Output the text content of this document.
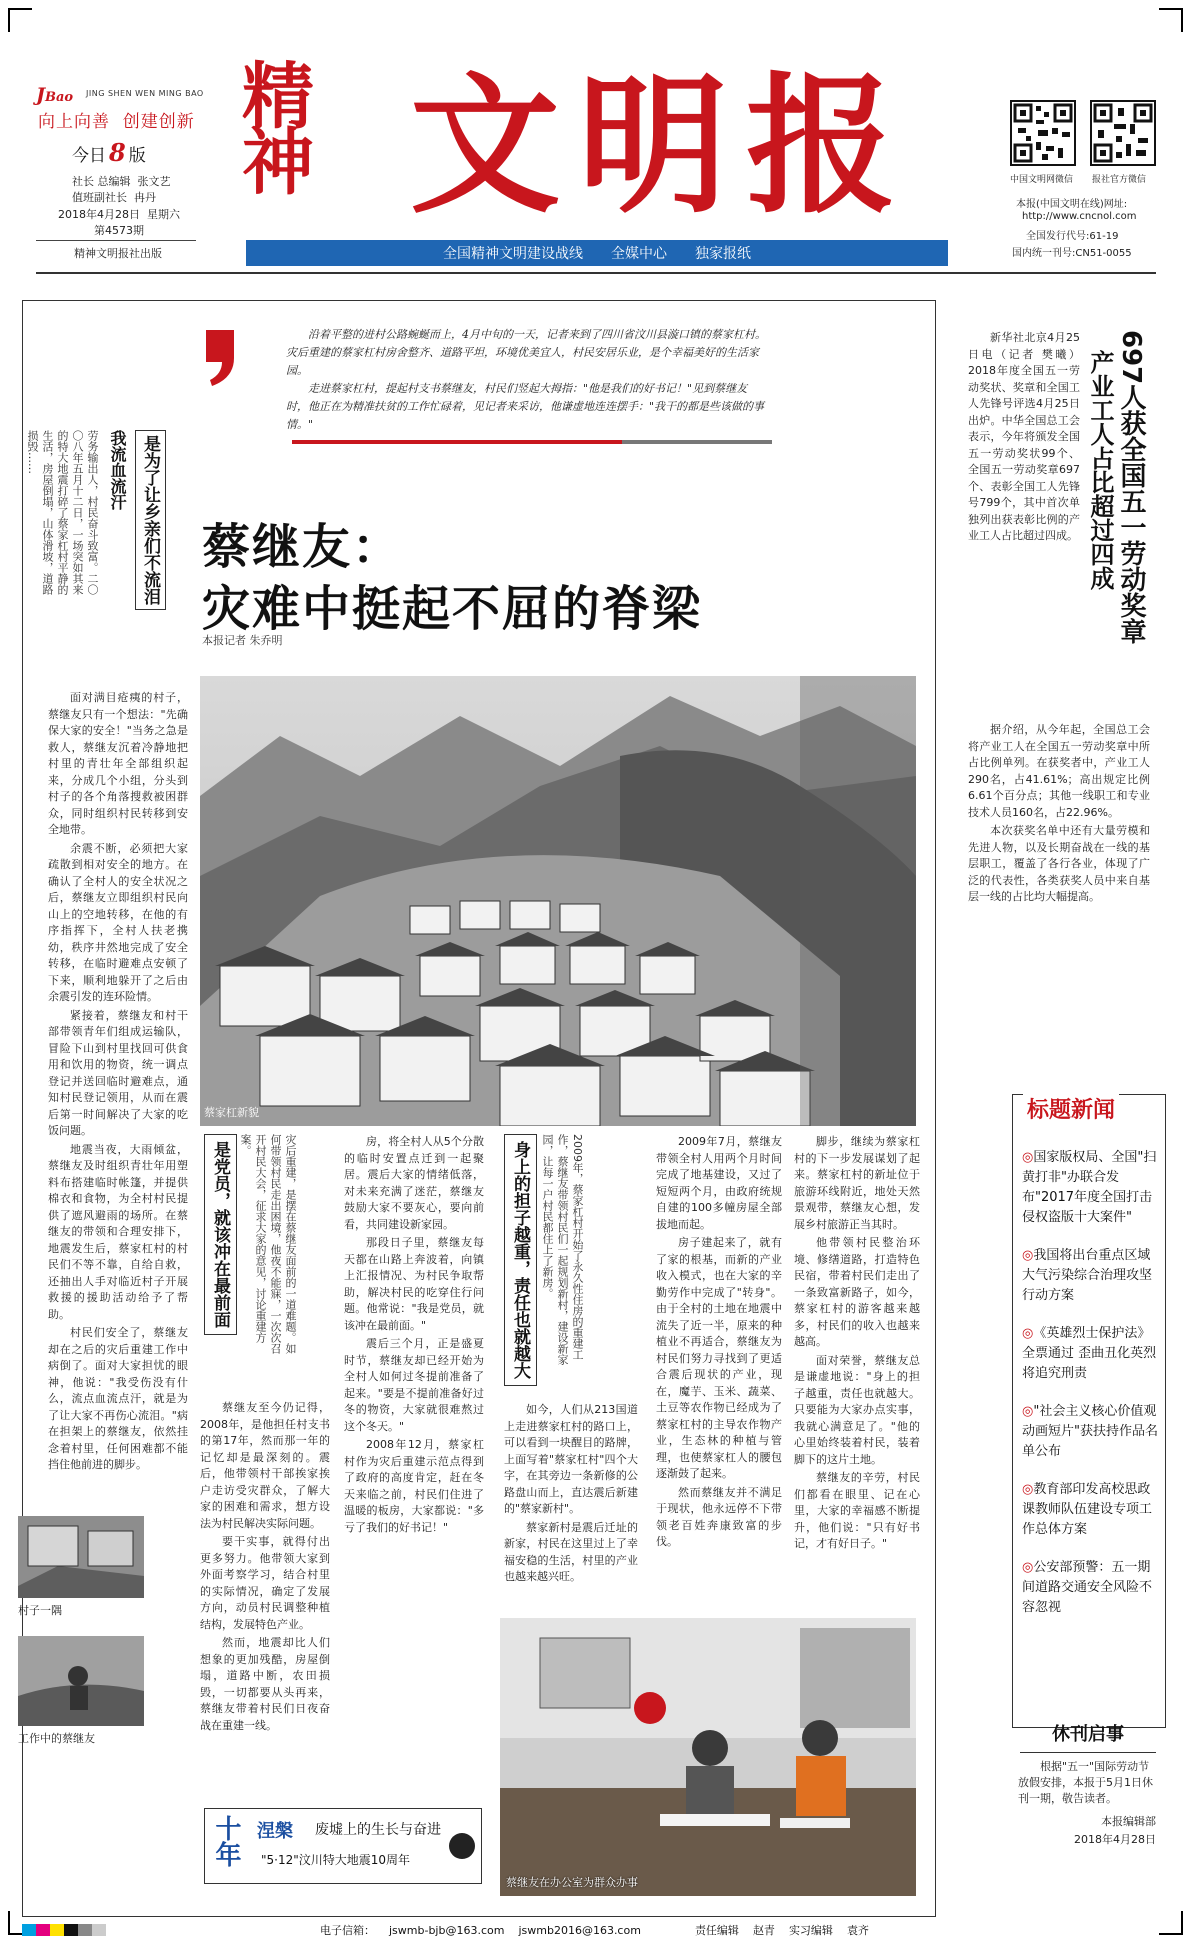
JBao	JING SHEN WEN MING BAO
向上向善  创建创新
今日 8 版
社长 总编辑  张文艺
值班副社长  冉丹
2018年4月28日  星期六
第4573期
精神文明报社出版
精神 文明报	中国文明网微信 报社官方微信
本报(中国文明在线)网址:
http://www.cncnol.com
全国发行代号:61-19
国内统一刊号:CN51-0055
全国精神文明建设战线 全媒中心 独家报纸
沿着平整的进村公路蜿蜒而上，4月中旬的一天，记者来到了四川省汶川县漩口镇的蔡家杠村。灾后重建的蔡家杠村房舍整齐、道路平坦，环境优美宜人，村民安居乐业，是个幸福美好的生活家园。
走进蔡家杠村，提起村支书蔡继友，村民们竖起大拇指："他是我们的好书记！"见到蔡继友时，他正在为精准扶贫的工作忙碌着，见记者来采访，他谦虚地连连摆手："我干的都是些该做的事情。"
是为了让乡亲们不流泪
我流血流汗
劳务输出人，村民奋斗致富。二〇〇八年五月十二日，一场突如其来的特大地震打碎了蔡家杠村平静的生活，房屋倒塌，山体滑坡，道路损毁……
蔡继友：
灾难中挺起不屈的脊梁
本报记者 朱乔明
蔡家杠新貌

面对满目疮痍的村子，蔡继友只有一个想法："先确保大家的安全！"当务之急是救人，蔡继友沉着冷静地把村里的青壮年全部组织起来，分成几个小组，分头到村子的各个角落搜救被困群众，同时组织村民转移到安全地带。

余震不断，必须把大家疏散到相对安全的地方。在确认了全村人的安全状况之后，蔡继友立即组织村民向山上的空地转移，在他的有序指挥下，全村人扶老携幼，秩序井然地完成了安全转移，在临时避难点安顿了下来，顺利地躲开了之后由余震引发的连环险情。

紧接着，蔡继友和村干部带领青年们组成运输队，冒险下山到村里找回可供食用和饮用的物资，统一调点登记并送回临时避难点，通知村民登记领用，从而在震后第一时间解决了大家的吃饭问题。

地震当夜，大雨倾盆，蔡继友及时组织青壮年用塑料布搭建临时帐篷，并提供棉衣和食物，为全村村民提供了遮风避雨的场所。在蔡继友的带领和合理安排下，地震发生后，蔡家杠村的村民们不等不靠，自给自救，还抽出人手对临近村子开展救援的援助活动给予了帮助。

村民们安全了，蔡继友却在之后的灾后重建工作中病倒了。面对大家担忧的眼神，他说："我受伤没有什么，流点血流点汗，就是为了让大家不再伤心流泪。"病在担架上的蔡继友，依然挂念着村里，任何困难都不能挡住他前进的脚步。

村子一隅
工作中的蔡继友
是党员，就该冲在最前面	灾后重建，是摆在蔡继友面前的一道难题。如何带领村民走出困境，他夜不能寐，一次次召开村民大会，征求大家的意见，讨论重建方案。

蔡继友至今仍记得，2008年，是他担任村支书的第17年，然而那一年的记忆却是最深刻的。震后，他带领村干部挨家挨户走访受灾群众，了解大家的困难和需求，想方设法为村民解决实际问题。

要干实事，就得付出更多努力。他带领大家到外面考察学习，结合村里的实际情况，确定了发展方向，动员村民调整种植结构，发展特色产业。

然而，地震却比人们想象的更加残酷，房屋倒塌，道路中断，农田损毁，一切都要从头再来，蔡继友带着村民们日夜奋战在重建一线。

房，将全村人从5个分散的临时安置点迁到一起聚居。震后大家的情绪低落，对未来充满了迷茫，蔡继友鼓励大家不要灰心，要向前看，共同建设新家园。

那段日子里，蔡继友每天都在山路上奔波着，向镇上汇报情况、为村民争取帮助，解决村民的吃穿住行问题。他常说："我是党员，就该冲在最前面。"

震后三个月，正是盛夏时节，蔡继友却已经开始为全村人如何过冬提前准备了起来。"要是不提前准备好过冬的物资，大家就很难熬过这个冬天。"

2008年12月，蔡家杠村作为灾后重建示范点得到了政府的高度肯定，赶在冬天来临之前，村民们住进了温暖的板房，大家都说："多亏了我们的好书记！"

身上的担子越重，责任也就越大	2009年，蔡家杠村开始了永久性住房的重建工作，蔡继友带领村民们一起规划新村，建设新家园，让每一户村民都住上了新房。

如今，人们从213国道上走进蔡家杠村的路口上，可以看到一块醒目的路牌，上面写着"蔡家杠村"四个大字，在其旁边一条新修的公路盘山而上，直达震后新建的"蔡家新村"。

蔡家新村是震后迁址的新家，村民在这里过上了幸福安稳的生活，村里的产业也越来越兴旺。

2009年7月，蔡继友带领全村人用两个月时间完成了地基建设，又过了短短两个月，由政府统规自建的100多幢房屋全部拔地而起。

房子建起来了，就有了家的根基，而新的产业收入模式，也在大家的辛勤劳作中完成了"转身"。由于全村的土地在地震中流失了近一半，原来的种植业不再适合，蔡继友为村民们努力寻找到了更适合震后现状的产业，现在，魔芋、玉米、蔬菜、土豆等农作物已经成为了蔡家杠村的主导农作物产业，生态林的种植与管理，也使蔡家杠人的腰包逐渐鼓了起来。

然而蔡继友并不满足于现状，他永远停不下带领老百姓奔康致富的步伐。

脚步，继续为蔡家杠村的下一步发展谋划了起来。蔡家杠村的新址位于旅游环线附近，地处天然景观带，蔡继友心想，发展乡村旅游正当其时。

他带领村民整治环境、修缮道路，打造特色民宿，带着村民们走出了一条致富新路子，如今，蔡家杠村的游客越来越多，村民们的收入也越来越高。

面对荣誉，蔡继友总是谦虚地说："身上的担子越重，责任也就越大。只要能为大家办点实事，我就心满意足了。"他的心里始终装着村民，装着脚下的这片土地。

蔡继友的辛劳，村民们都看在眼里、记在心里，大家的幸福感不断提升，他们说："只有好书记，才有好日子。"

蔡继友在办公室为群众办事
十年 涅槃 废墟上的生长与奋进
"5·12"汶川特大地震10周年
697人获全国五一劳动奖章
产业工人占比超过四成

新华社北京4月25日电（记者 樊曦）2018年度全国五一劳动奖状、奖章和全国工人先锋号评选4月25日出炉。中华全国总工会表示，今年将颁发全国五一劳动奖状99个、全国五一劳动奖章697个、表彰全国工人先锋号799个，其中首次单独列出获表彰比例的产业工人占比超过四成。

据介绍，从今年起，全国总工会将产业工人在全国五一劳动奖章中所占比例单列。在获奖者中，产业工人290名，占41.61%；高出规定比例6.61个百分点；其他一线职工和专业技术人员160名，占22.96%。

本次获奖名单中还有大量劳模和先进人物，以及长期奋战在一线的基层职工，覆盖了各行各业，体现了广泛的代表性，各类获奖人员中来自基层一线的占比均大幅提高。

标题新闻
◎国家版权局、全国"扫黄打非"办联合发布"2017年度全国打击侵权盗版十大案件"
◎我国将出台重点区域大气污染综合治理攻坚行动方案
◎《英雄烈士保护法》全票通过 歪曲丑化英烈将追究刑责
◎"社会主义核心价值观动画短片"获扶持作品名单公布
◎教育部印发高校思政课教师队伍建设专项工作总体方案
◎公安部预警：五一期间道路交通安全风险不容忽视
休刊启事
根据"五一"国际劳动节放假安排，本报于5月1日休刊一期，敬告读者。
本报编辑部
2018年4月28日
电子信箱： jswmb-bjb@163.com jswmb2016@163.com	责任编辑 赵青 实习编辑 袁齐
